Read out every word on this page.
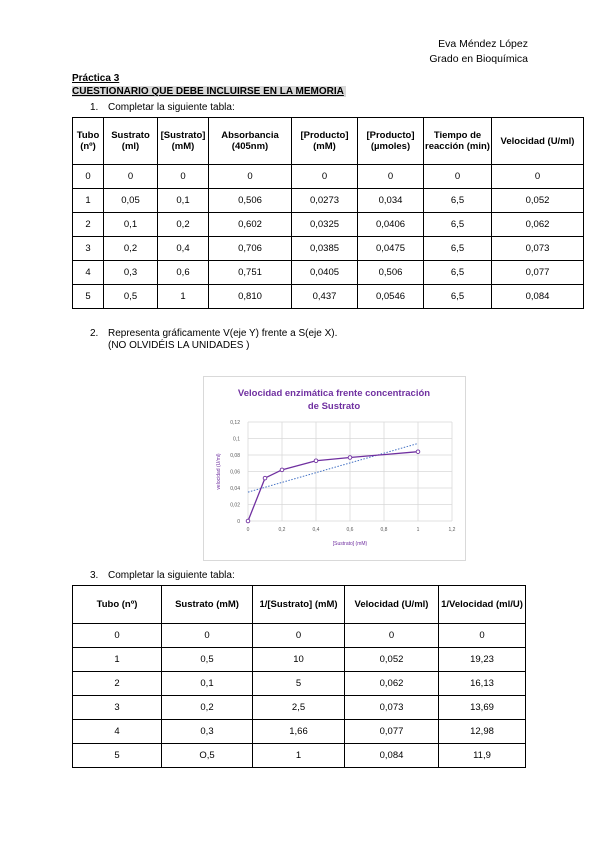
Eva Méndez López
Grado en Bioquímica
Práctica 3
CUESTIONARIO QUE DEBE INCLUIRSE EN LA MEMORIA
1. Completar la siguiente tabla:
Tubo (nº)	Sustrato (ml)	[Sustrato] (mM)	Absorbancia (405nm)	[Producto] (mM)	[Producto] (µmoles)	Tiempo de reacción (min)	Velocidad (U/ml)
0	0	0	0	0	0	0	0
1	0,05	0,1	0,506	0,0273	0,034	6,5	0,052
2	0,1	0,2	0,602	0,0325	0,0406	6,5	0,062
3	0,2	0,4	0,706	0,0385	0,0475	6,5	0,073
4	0,3	0,6	0,751	0,0405	0,506	6,5	0,077
5	0,5	1	0,810	0,437	0,0546	6,5	0,084
2. Representa gráficamente V(eje Y) frente a S(eje X).
(NO OLVIDÉIS LA UNIDADES )
Velocidad enzimática frente concentración
de Sustrato
0
0,02
0,04
0,06
0,08
0,1
0,12
0	0,2	0,4	0,6	0,8	1	1,2
[Sustrato] (mM)
velocidad (U/ml)
3. Completar la siguiente tabla:
Tubo (nº)	Sustrato (mM)	1/[Sustrato] (mM)	Velocidad (U/ml)	1/Velocidad (ml/U)
0	0	0	0	0
1	0,5	10	0,052	19,23
2	0,1	5	0,062	16,13
3	0,2	2,5	0,073	13,69
4	0,3	1,66	0,077	12,98
5	O,5	1	0,084	11,9
